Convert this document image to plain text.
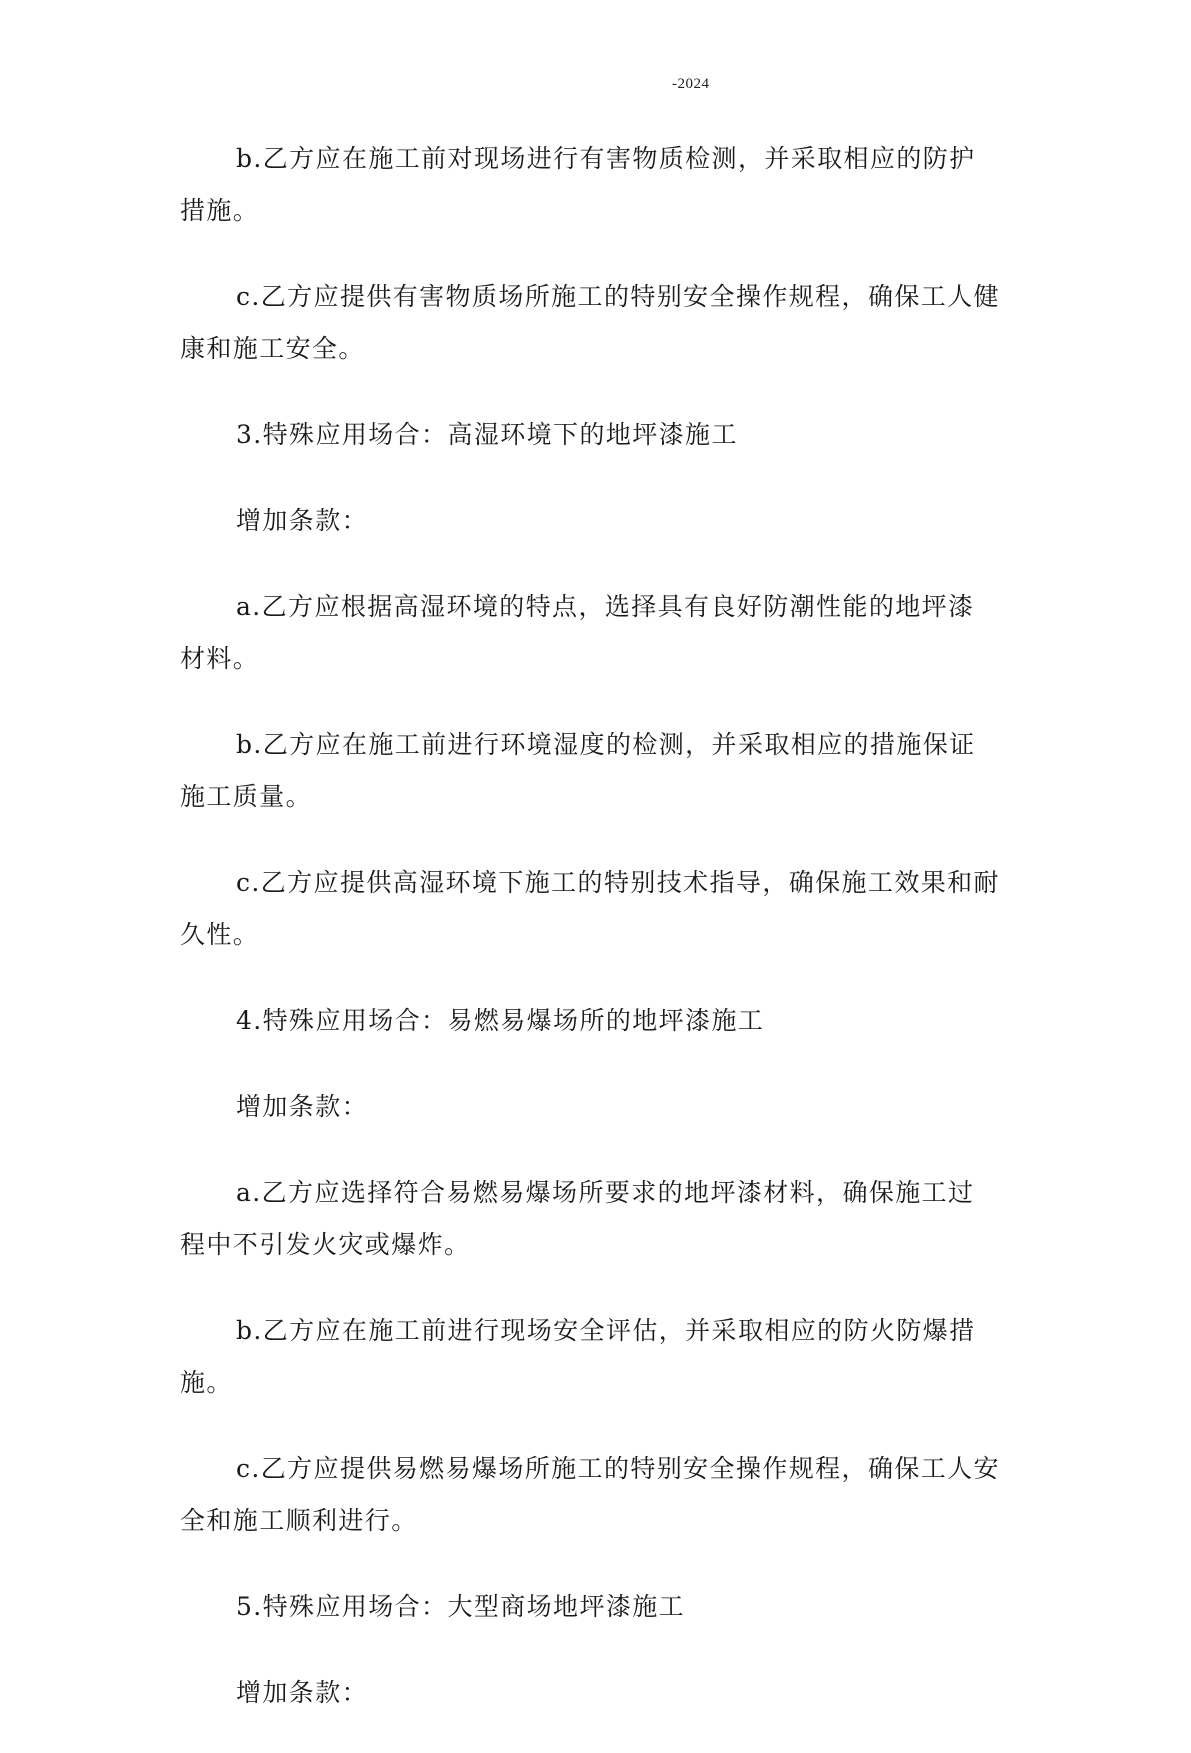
-2024

b.乙方应在施工前对现场进行有害物质检测，并采取相应的防护措施。

c.乙方应提供有害物质场所施工的特别安全操作规程，确保工人健康和施工安全。

3.特殊应用场合：高湿环境下的地坪漆施工

增加条款：

a.乙方应根据高湿环境的特点，选择具有良好防潮性能的地坪漆材料。

b.乙方应在施工前进行环境湿度的检测，并采取相应的措施保证施工质量。

c.乙方应提供高湿环境下施工的特别技术指导，确保施工效果和耐久性。

4.特殊应用场合：易燃易爆场所的地坪漆施工

增加条款：

a.乙方应选择符合易燃易爆场所要求的地坪漆材料，确保施工过程中不引发火灾或爆炸。

b.乙方应在施工前进行现场安全评估，并采取相应的防火防爆措施。

c.乙方应提供易燃易爆场所施工的特别安全操作规程，确保工人安全和施工顺利进行。

5.特殊应用场合：大型商场地坪漆施工

增加条款：
